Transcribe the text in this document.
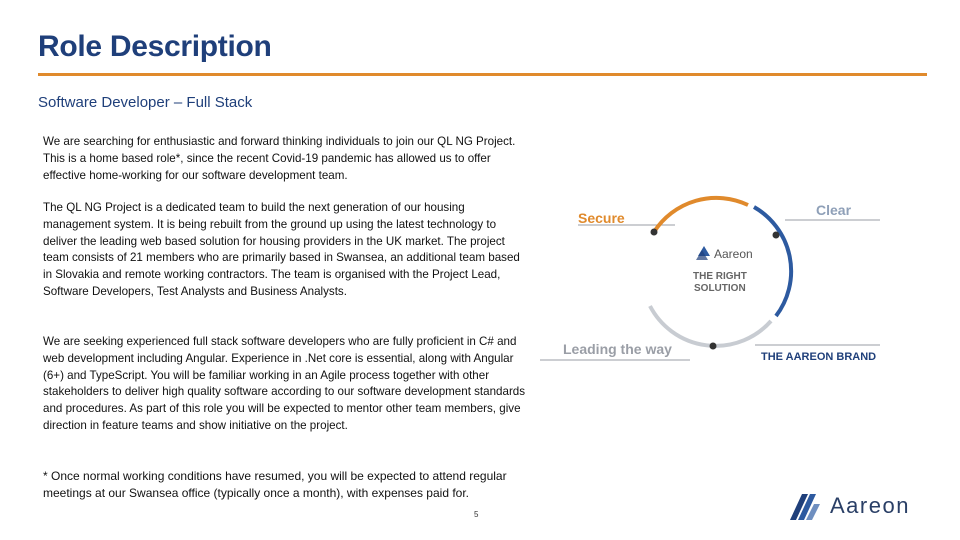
Role Description
Software Developer – Full Stack

We are searching for enthusiastic and forward thinking individuals to join our QL NG Project. This is a home based role*, since the recent Covid-19 pandemic has allowed us to offer effective home-working for our software development team.

The QL NG Project is a dedicated team to build the next generation of our housing management system. It is being rebuilt from the ground up using the latest technology to deliver the leading web based solution for housing providers in the UK market. The project team consists of 21 members who are primarily based in Swansea, an additional team based in Slovakia and remote working contractors. The team is organised with the Project Lead, Software Developers, Test Analysts and Business Analysts.

We are seeking experienced full stack software developers who are fully proficient in C# and web development including Angular. Experience in .Net core is essential, along with Angular (6+) and TypeScript. You will be familiar working in an Agile process together with other stakeholders to deliver high quality software according to our software development standards and procedures. As part of this role you will be expected to mentor other team members, give direction in feature teams and show initiative on the project.

* Once normal working conditions have resumed, you will be expected to attend regular meetings at our Swansea office (typically once a month), with expenses paid for.

5
Secure	Clear
Leading the way
Aareon
THE RIGHT
SOLUTION
THE AAREON BRAND
Aareon
